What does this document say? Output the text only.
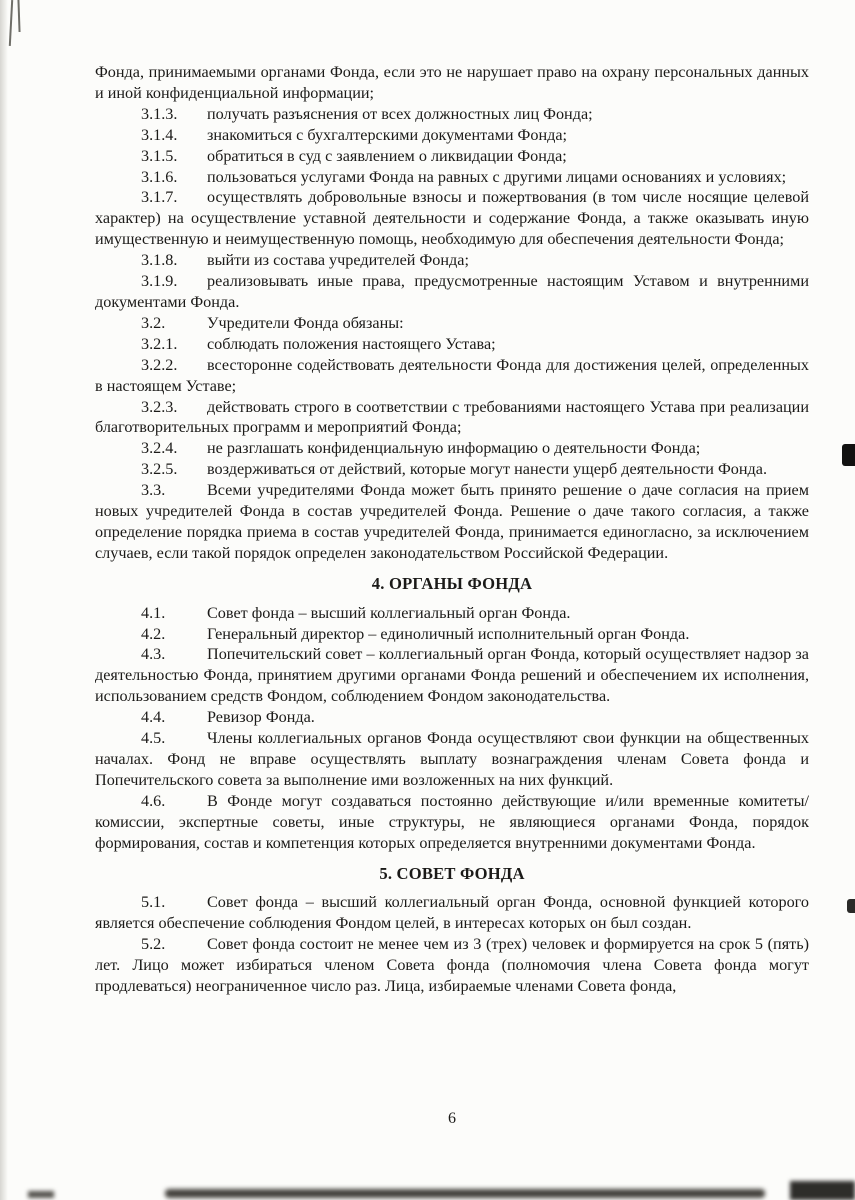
Фонда, принимаемыми органами Фонда, если это не нарушает право на охрану персональных данных и иной конфиденциальной информации;

3.1.3. получать разъяснения от всех должностных лиц Фонда;

3.1.4. знакомиться с бухгалтерскими документами Фонда;

3.1.5. обратиться в суд с заявлением о ликвидации Фонда;

3.1.6. пользоваться услугами Фонда на равных с другими лицами основаниях и условиях;

3.1.7. осуществлять добровольные взносы и пожертвования (в том числе носящие целевой характер) на осуществление уставной деятельности и содержание Фонда, а также оказывать иную имущественную и неимущественную помощь, необходимую для обеспечения деятельности Фонда;

3.1.8. выйти из состава учредителей Фонда;

3.1.9. реализовывать иные права, предусмотренные настоящим Уставом и внутренними документами Фонда.

3.2.	Учредители Фонда обязаны:

3.2.1. соблюдать положения настоящего Устава;

3.2.2. всесторонне содействовать деятельности Фонда для достижения целей, определенных в настоящем Уставе;

3.2.3. действовать строго в соответствии с требованиями настоящего Устава при реализации благотворительных программ и мероприятий Фонда;

3.2.4. не разглашать конфиденциальную информацию о деятельности Фонда;

3.2.5. воздерживаться от действий, которые могут нанести ущерб деятельности Фонда.

3.3.	Всеми учредителями Фонда может быть принято решение о даче согласия на прием новых учредителей Фонда в состав учредителей Фонда. Решение о даче такого согласия, а также определение порядка приема в состав учредителей Фонда, принимается единогласно, за исключением случаев, если такой порядок определен законодательством Российской Федерации.

4. ОРГАНЫ ФОНДА

4.1.	Совет фонда – высший коллегиальный орган Фонда.

4.2.	Генеральный директор – единоличный исполнительный орган Фонда.

4.3.	Попечительский совет – коллегиальный орган Фонда, который осуществляет надзор за деятельностью Фонда, принятием другими органами Фонда решений и обеспечением их исполнения, использованием средств Фондом, соблюдением Фондом законодательства.

4.4.	Ревизор Фонда.

4.5.	Члены коллегиальных органов Фонда осуществляют свои функции на общественных началах. Фонд не вправе осуществлять выплату вознаграждения членам Совета фонда и Попечительского совета за выполнение ими возложенных на них функций.

4.6.	В Фонде могут создаваться постоянно действующие и/или временные комитеты/ комиссии, экспертные советы, иные структуры, не являющиеся органами Фонда, порядок формирования, состав и компетенция которых определяется внутренними документами Фонда.

5. СОВЕТ ФОНДА

5.1.	Совет фонда – высший коллегиальный орган Фонда, основной функцией которого является обеспечение соблюдения Фондом целей, в интересах которых он был создан.

5.2.	Совет фонда состоит не менее чем из 3 (трех) человек и формируется на срок 5 (пять) лет. Лицо может избираться членом Совета фонда (полномочия члена Совета фонда могут продлеваться) неограниченное число раз. Лица, избираемые членами Совета фонда,

6
